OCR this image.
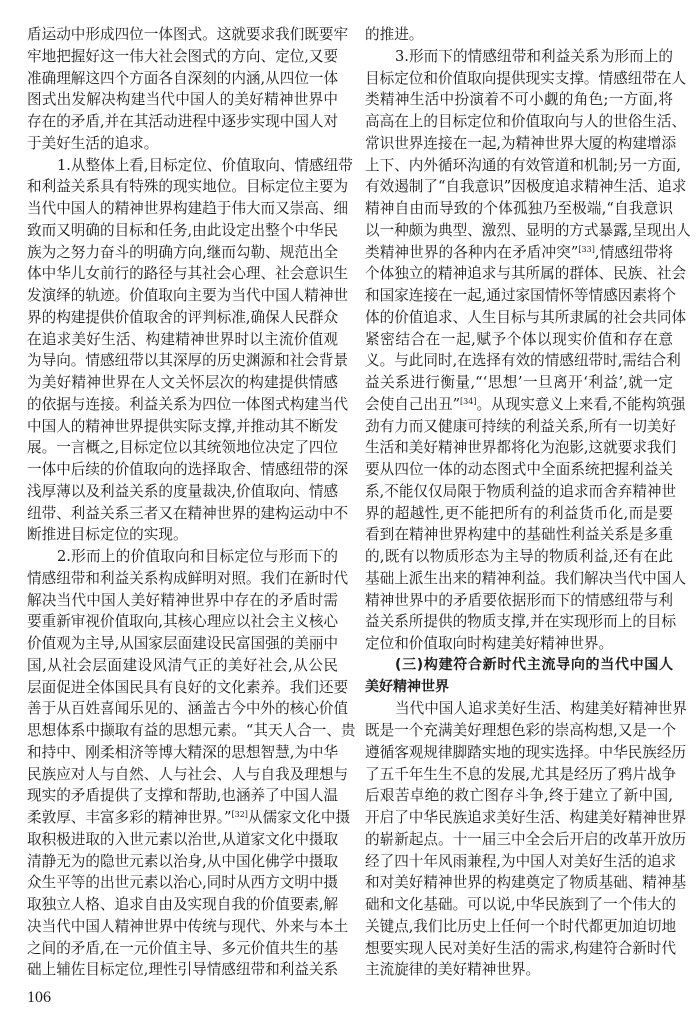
盾运动中形成四位一体图式。这就要求我们既要牢
牢地把握好这一伟大社会图式的方向、定位,又要
准确理解这四个方面各自深刻的内涵,从四位一体
图式出发解决构建当代中国人的美好精神世界中
存在的矛盾,并在其活动进程中逐步实现中国人对
于美好生活的追求。
1.从整体上看,目标定位、价值取向、情感纽带
和利益关系具有特殊的现实地位。目标定位主要为
当代中国人的精神世界构建趋于伟大而又崇高、细
致而又明确的目标和任务,由此设定出整个中华民
族为之努力奋斗的明确方向,继而勾勒、规范出全
体中华儿女前行的路径与其社会心理、社会意识生
发演绎的轨迹。价值取向主要为当代中国人精神世
界的构建提供价值取舍的评判标准,确保人民群众
在追求美好生活、构建精神世界时以主流价值观
为导向。情感纽带以其深厚的历史渊源和社会背景
为美好精神世界在人文关怀层次的构建提供情感
的依据与连接。利益关系为四位一体图式构建当代
中国人的精神世界提供实际支撑,并推动其不断发
展。一言概之,目标定位以其统领地位决定了四位
一体中后续的价值取向的选择取舍、情感纽带的深
浅厚薄以及利益关系的度量裁决,价值取向、情感
纽带、利益关系三者又在精神世界的建构运动中不
断推进目标定位的实现。
2.形而上的价值取向和目标定位与形而下的
情感纽带和利益关系构成鲜明对照。我们在新时代
解决当代中国人美好精神世界中存在的矛盾时需
要重新审视价值取向,其核心理应以社会主义核心
价值观为主导,从国家层面建设民富国强的美丽中
国,从社会层面建设风清气正的美好社会,从公民
层面促进全体国民具有良好的文化素养。我们还要
善于从百姓喜闻乐见的、涵盖古今中外的核心价值
思想体系中撷取有益的思想元素。“其天人合一、贵
和持中、刚柔相济等博大精深的思想智慧,为中华
民族应对人与自然、人与社会、人与自我及理想与
现实的矛盾提供了支撑和帮助,也涵养了中国人温
柔敦厚、丰富多彩的精神世界。”[32]从儒家文化中摄
取积极进取的入世元素以治世,从道家文化中摄取
清静无为的隐世元素以治身,从中国化佛学中摄取
众生平等的出世元素以治心,同时从西方文明中摄
取独立人格、追求自由及实现自我的价值要素,解
决当代中国人精神世界中传统与现代、外来与本土
之间的矛盾,在一元价值主导、多元价值共生的基
础上辅佐目标定位,理性引导情感纽带和利益关系
的推进。
3.形而下的情感纽带和利益关系为形而上的
目标定位和价值取向提供现实支撑。情感纽带在人
类精神生活中扮演着不可小觑的角色;一方面,将
高高在上的目标定位和价值取向与人的世俗生活、
常识世界连接在一起,为精神世界大厦的构建增添
上下、内外循环沟通的有效管道和机制;另一方面,
有效遏制了“自我意识”因极度追求精神生活、追求
精神自由而导致的个体孤独乃至极端,“自我意识
以一种颇为典型、激烈、显明的方式暴露,呈现出人
类精神世界的各种内在矛盾冲突”[33],情感纽带将
个体独立的精神追求与其所属的群体、民族、社会
和国家连接在一起,通过家国情怀等情感因素将个
体的价值追求、人生目标与其所隶属的社会共同体
紧密结合在一起,赋予个体以现实价值和存在意
义。与此同时,在选择有效的情感纽带时,需结合利
益关系进行衡量,“‘思想’一旦离开‘利益’,就一定
会使自己出丑”[34]。从现实意义上来看,不能构筑强
劲有力而又健康可持续的利益关系,所有一切美好
生活和美好精神世界都将化为泡影,这就要求我们
要从四位一体的动态图式中全面系统把握利益关
系,不能仅仅局限于物质利益的追求而舍弃精神世
界的超越性,更不能把所有的利益货币化,而是要
看到在精神世界构建中的基础性利益关系是多重
的,既有以物质形态为主导的物质利益,还有在此
基础上派生出来的精神利益。我们解决当代中国人
精神世界中的矛盾要依据形而下的情感纽带与利
益关系所提供的物质支撑,并在实现形而上的目标
定位和价值取向时构建美好精神世界。
(三)构建符合新时代主流导向的当代中国人
美好精神世界
当代中国人追求美好生活、构建美好精神世界
既是一个充满美好理想色彩的崇高构想,又是一个
遵循客观规律脚踏实地的现实选择。中华民族经历
了五千年生生不息的发展,尤其是经历了鸦片战争
后艰苦卓绝的救亡图存斗争,终于建立了新中国,
开启了中华民族追求美好生活、构建美好精神世界
的崭新起点。十一届三中全会后开启的改革开放历
经了四十年风雨兼程,为中国人对美好生活的追求
和对美好精神世界的构建奠定了物质基础、精神基
础和文化基础。可以说,中华民族到了一个伟大的
关键点,我们比历史上任何一个时代都更加迫切地
想要实现人民对美好生活的需求,构建符合新时代
主流旋律的美好精神世界。
106
